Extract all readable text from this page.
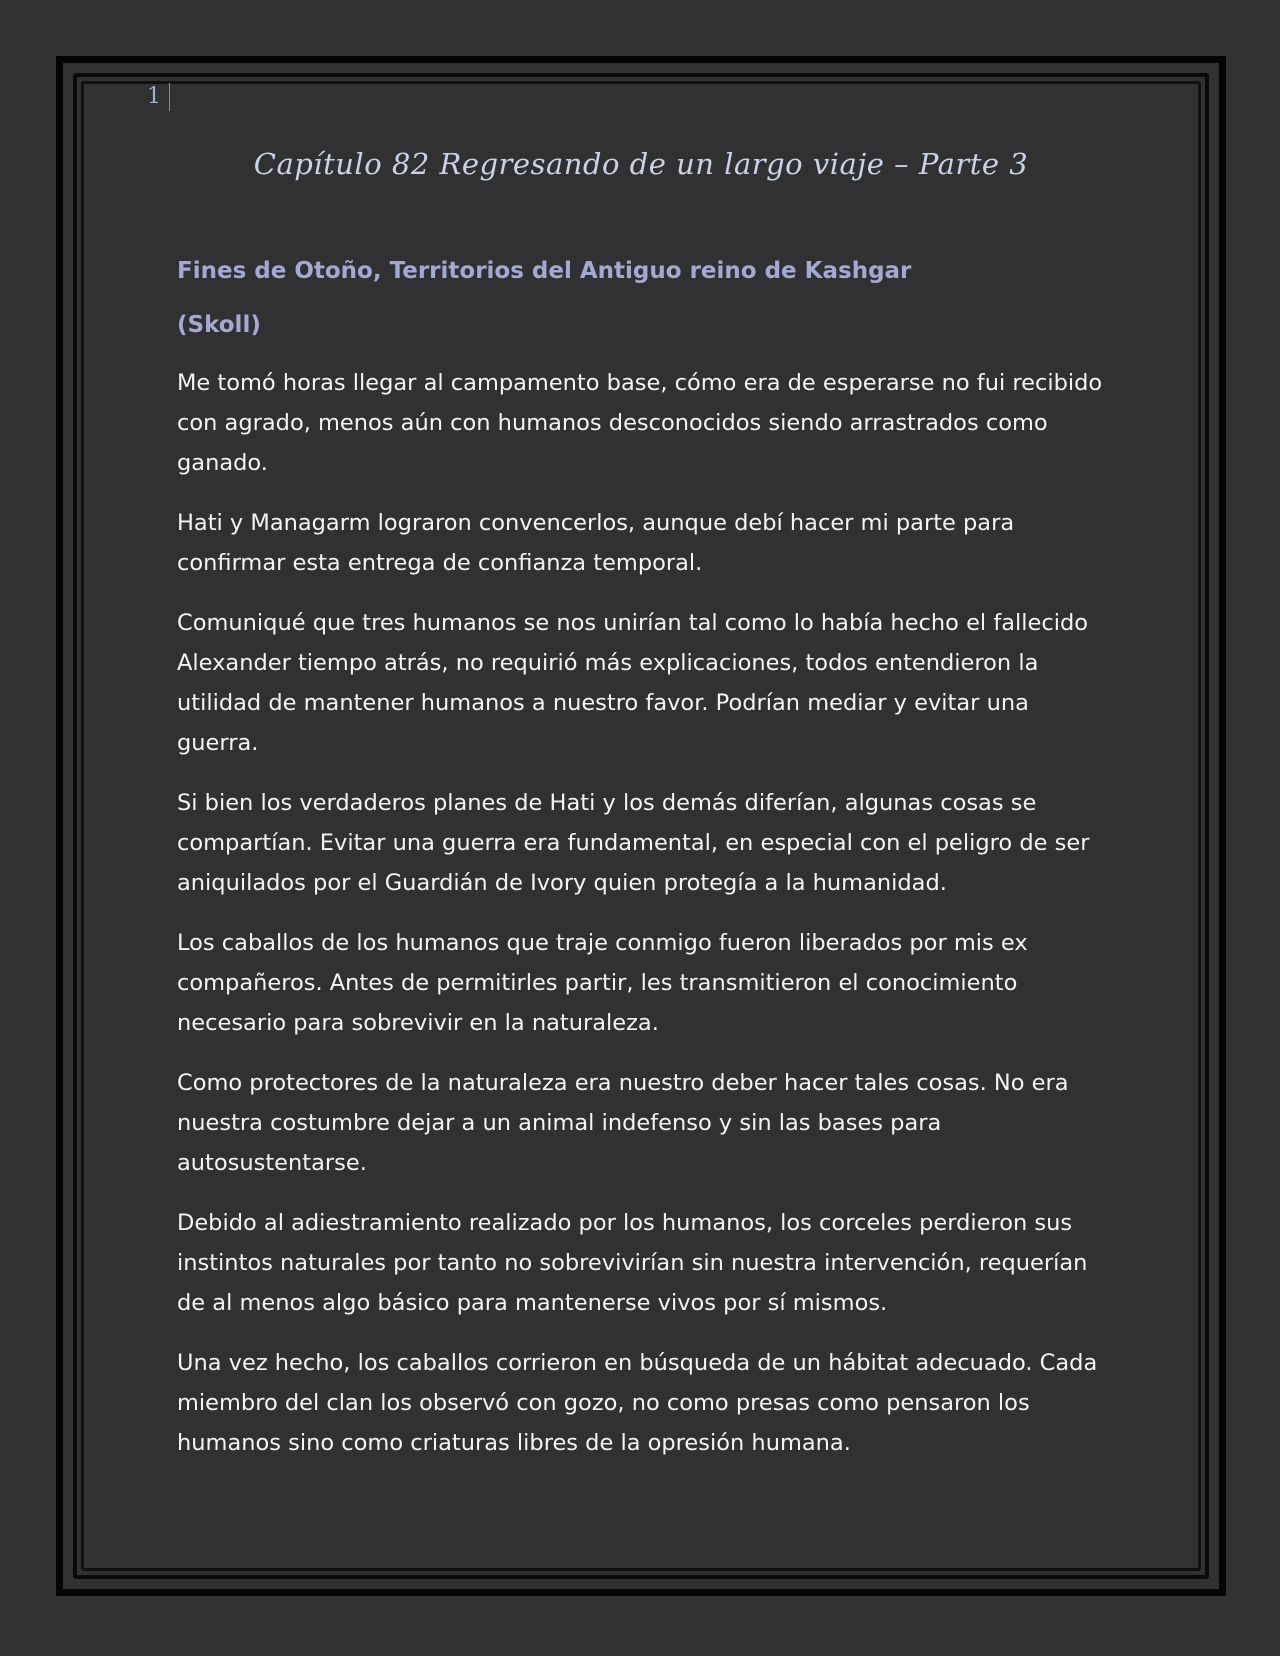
1
Capítulo 82 Regresando de un largo viaje – Parte 3

Fines de Otoño, Territorios del Antiguo reino de Kashgar

(Skoll)

Me tomó horas llegar al campamento base, cómo era de esperarse no fui recibido con agrado, menos aún con humanos desconocidos siendo arrastrados como ganado.

Hati y Managarm lograron convencerlos, aunque debí hacer mi parte para confirmar esta entrega de confianza temporal.

Comuniqué que tres humanos se nos unirían tal como lo había hecho el fallecido Alexander tiempo atrás, no requirió más explicaciones, todos entendieron la utilidad de mantener humanos a nuestro favor. Podrían mediar y evitar una guerra.

Si bien los verdaderos planes de Hati y los demás diferían, algunas cosas se compartían. Evitar una guerra era fundamental, en especial con el peligro de ser aniquilados por el Guardián de Ivory quien protegía a la humanidad.

Los caballos de los humanos que traje conmigo fueron liberados por mis ex compañeros. Antes de permitirles partir, les transmitieron el conocimiento necesario para sobrevivir en la naturaleza.

Como protectores de la naturaleza era nuestro deber hacer tales cosas. No era nuestra costumbre dejar a un animal indefenso y sin las bases para autosustentarse.

Debido al adiestramiento realizado por los humanos, los corceles perdieron sus instintos naturales por tanto no sobrevivirían sin nuestra intervención, requerían de al menos algo básico para mantenerse vivos por sí mismos.

Una vez hecho, los caballos corrieron en búsqueda de un hábitat adecuado. Cada miembro del clan los observó con gozo, no como presas como pensaron los humanos sino como criaturas libres de la opresión humana.
